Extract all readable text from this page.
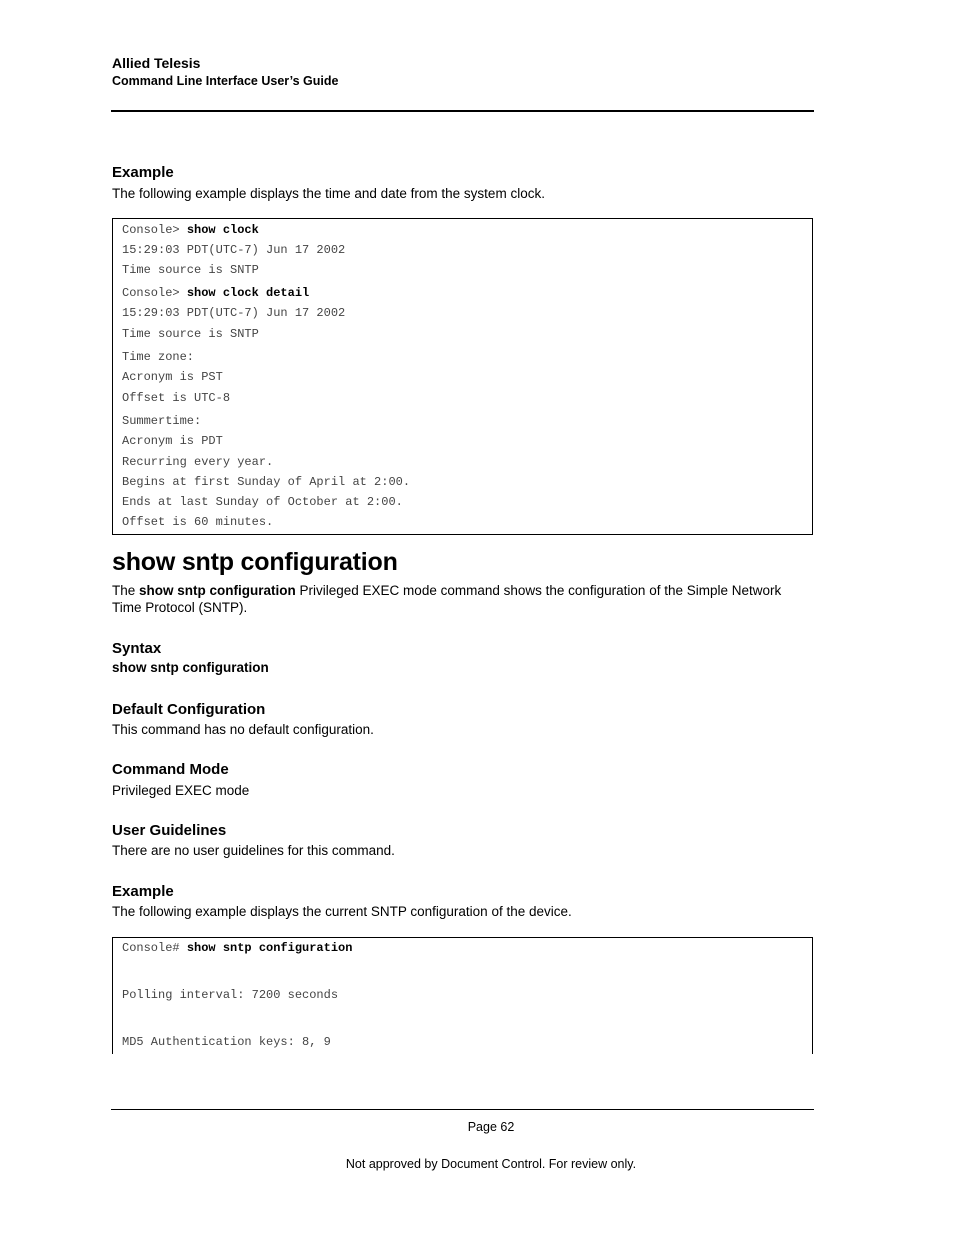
Allied Telesis
Command Line Interface User’s Guide
Example
The following example displays the time and date from the system clock.
Console> show clock
15:29:03 PDT(UTC-7) Jun 17 2002
Time source is SNTP
Console> show clock detail
15:29:03 PDT(UTC-7) Jun 17 2002
Time source is SNTP
Time zone:
Acronym is PST
Offset is UTC-8
Summertime:
Acronym is PDT
Recurring every year.
Begins at first Sunday of April at 2:00.
Ends at last Sunday of October at 2:00.
Offset is 60 minutes.
show sntp configuration
The show sntp configuration Privileged EXEC mode command shows the configuration of the Simple Network
Time Protocol (SNTP).
Syntax
show sntp configuration
Default Configuration
This command has no default configuration.
Command Mode
Privileged EXEC mode
User Guidelines
There are no user guidelines for this command.
Example
The following example displays the current SNTP configuration of the device.
Console# show sntp configuration
Polling interval: 7200 seconds
MD5 Authentication keys: 8, 9
Page 62
Not approved by Document Control. For review only.
